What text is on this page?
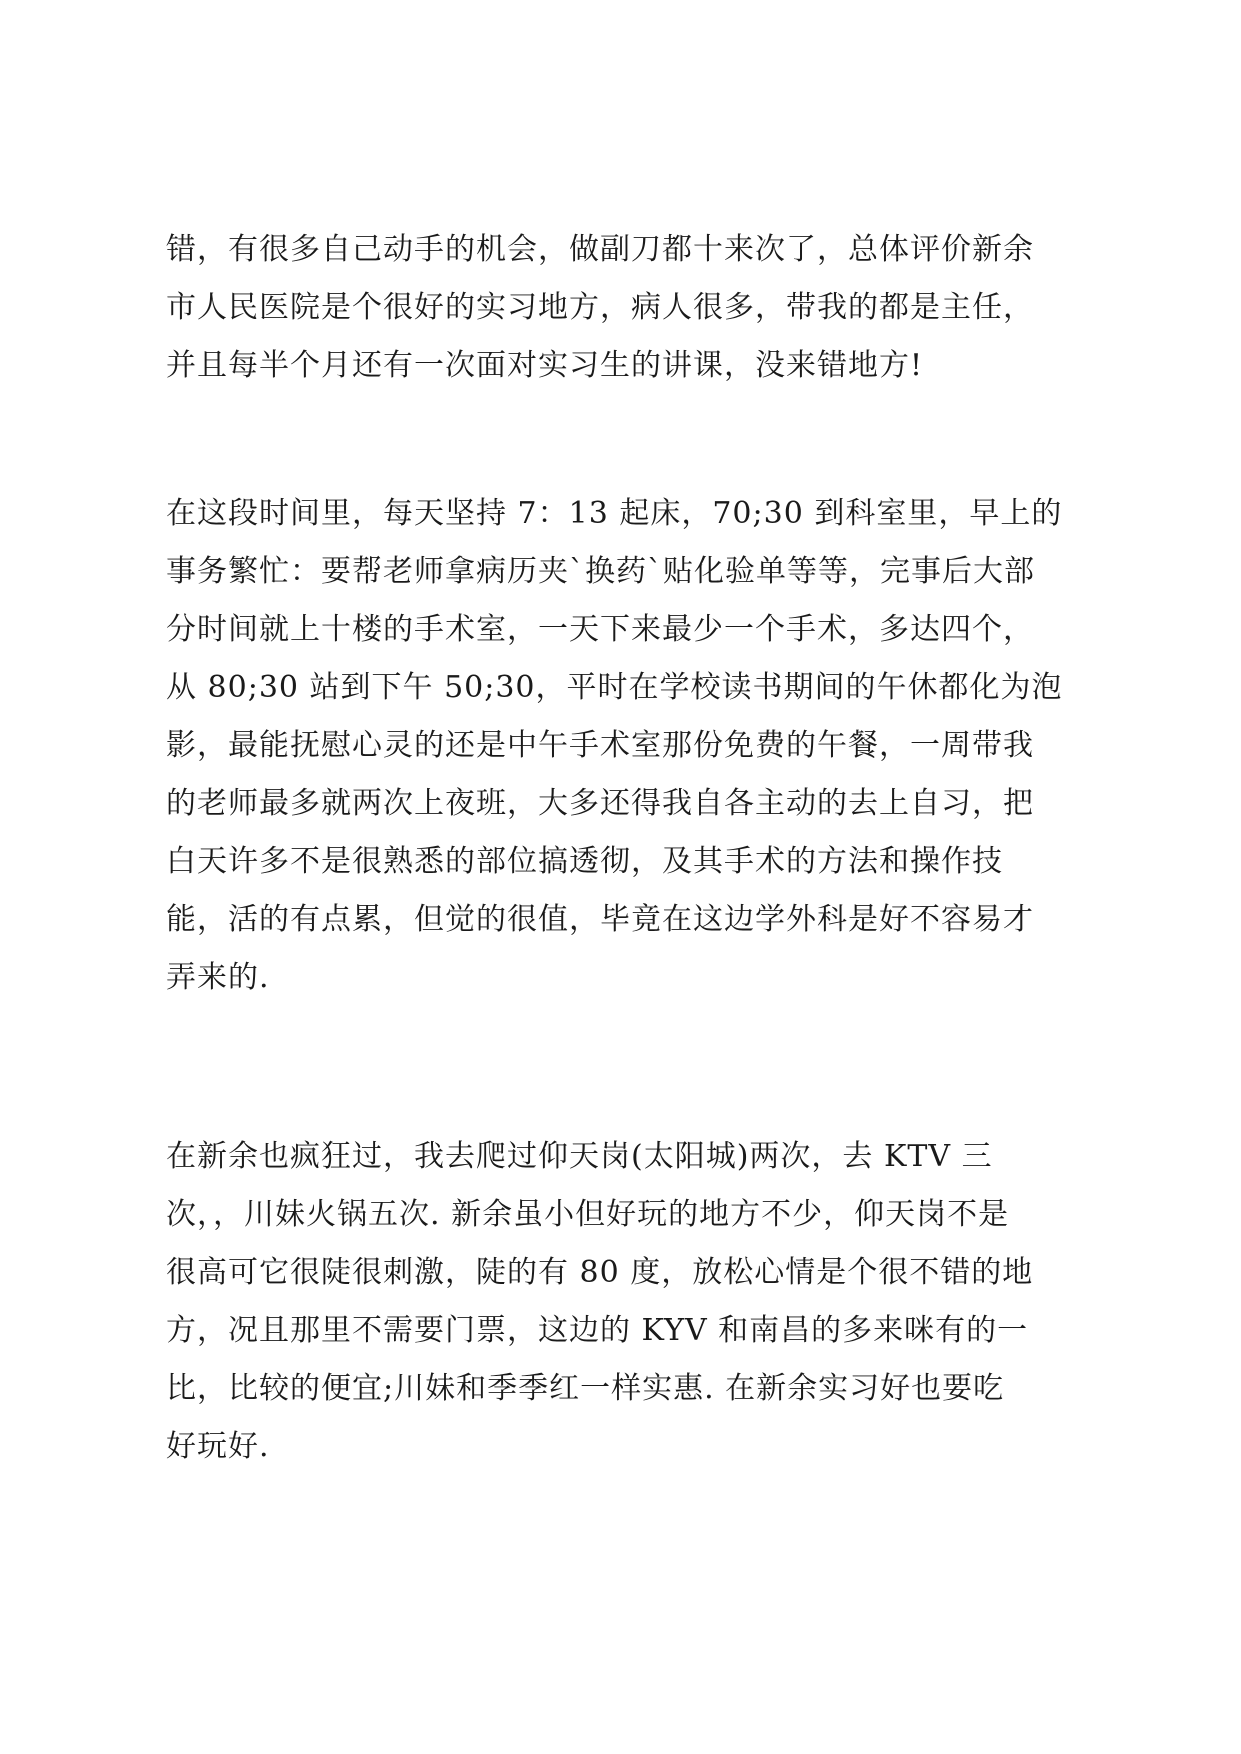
错，有很多自己动手的机会，做副刀都十来次了，总体评价新余
市人民医院是个很好的实习地方，病人很多，带我的都是主任，
并且每半个月还有一次面对实习生的讲课，没来错地方!
在这段时间里，每天坚持 7：13 起床，70;30 到科室里，早上的
事务繁忙：要帮老师拿病历夹`换药`贴化验单等等，完事后大部
分时间就上十楼的手术室，一天下来最少一个手术，多达四个，
从 80;30 站到下午 50;30，平时在学校读书期间的午休都化为泡
影，最能抚慰心灵的还是中午手术室那份免费的午餐，一周带我
的老师最多就两次上夜班，大多还得我自各主动的去上自习，把
白天许多不是很熟悉的部位搞透彻，及其手术的方法和操作技
能，活的有点累，但觉的很值，毕竟在这边学外科是好不容易才
弄来的.
在新余也疯狂过，我去爬过仰天岗(太阳城)两次，去 KTV 三
次，，川妹火锅五次. 新余虽小但好玩的地方不少，仰天岗不是
很高可它很陡很刺激，陡的有 80 度，放松心情是个很不错的地
方，况且那里不需要门票，这边的 KYV 和南昌的多来咪有的一
比，比较的便宜;川妹和季季红一样实惠. 在新余实习好也要吃
好玩好.
